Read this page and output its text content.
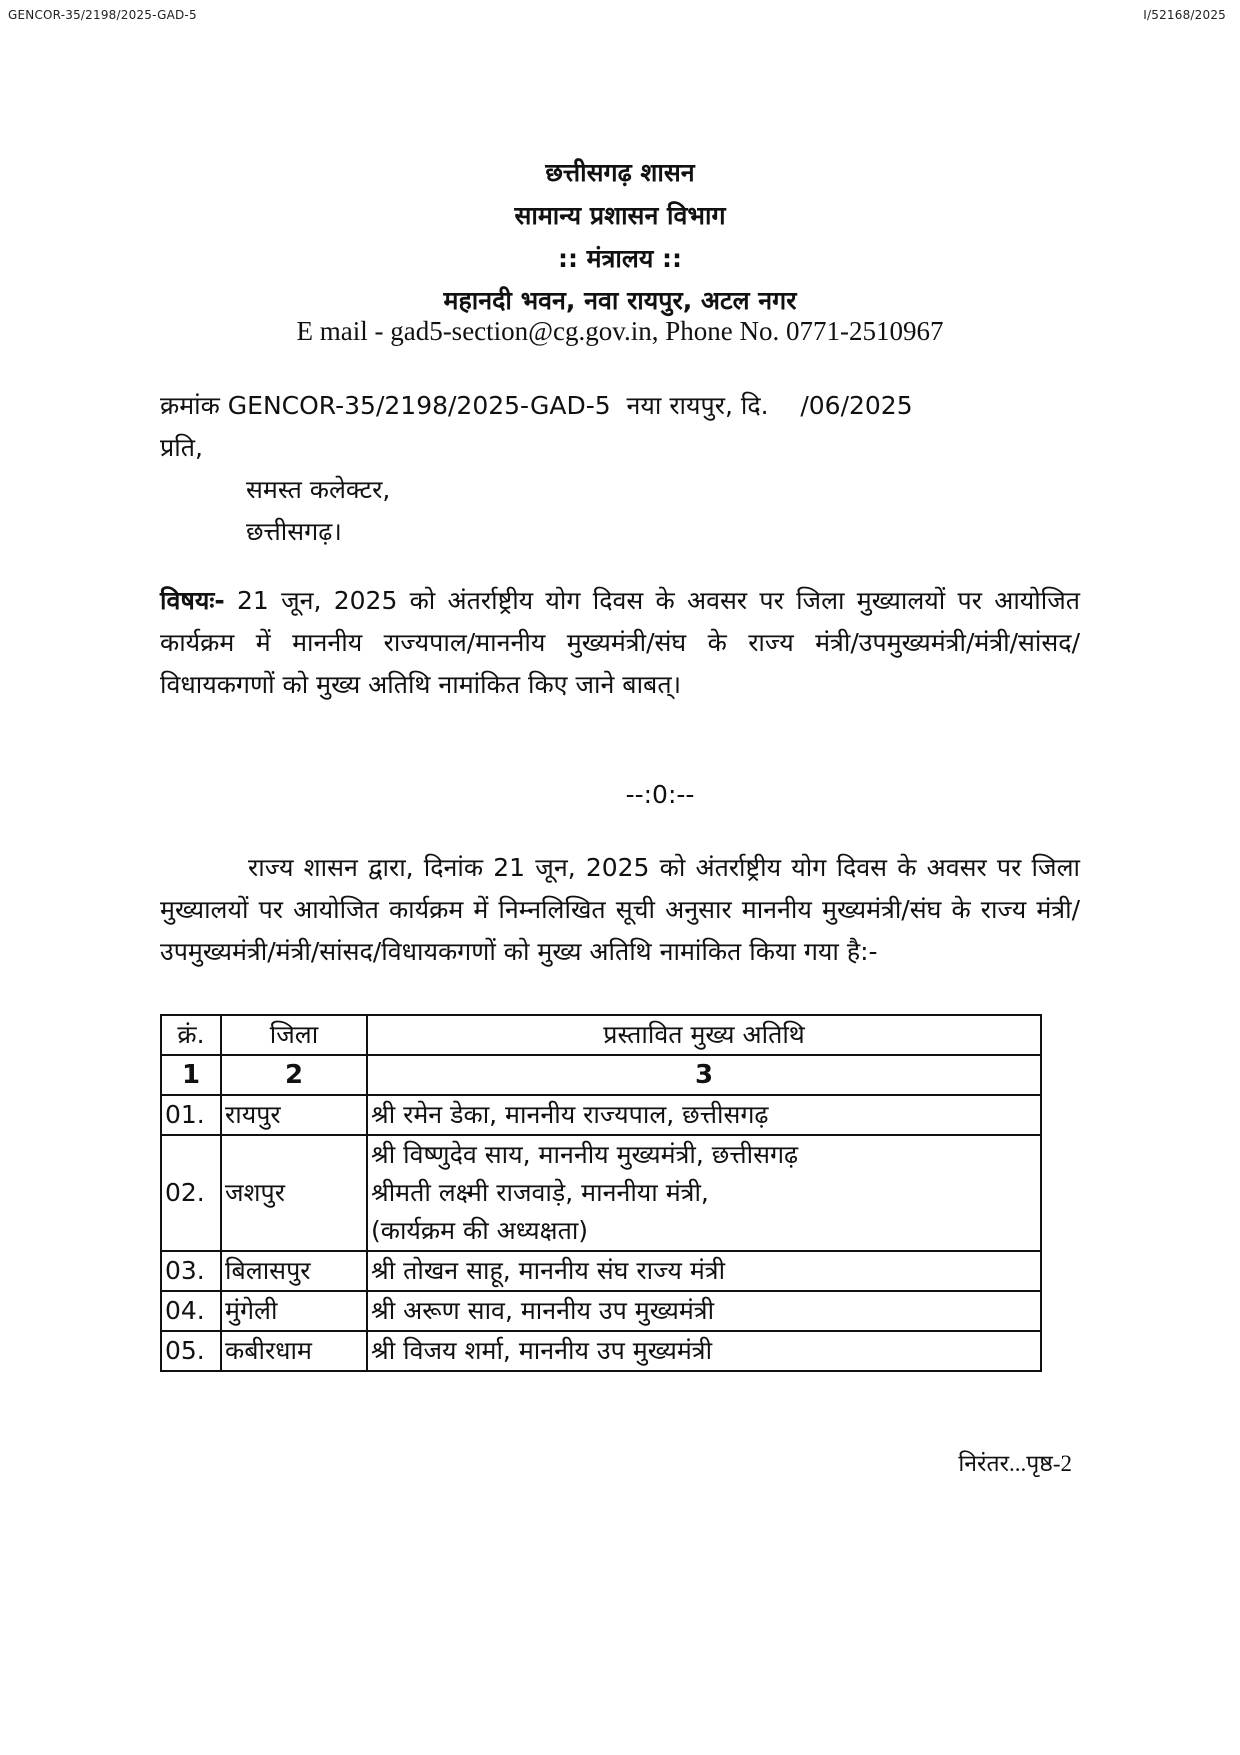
GENCOR-35/2198/2025-GAD-5	I/52168/2025
छत्तीसगढ़ शासन
सामान्य प्रशासन विभाग
:: मंत्रालय ::
महानदी भवन, नवा रायपुर, अटल नगर
E mail - gad5-section@cg.gov.in, Phone No. 0771-2510967
क्रमांक GENCOR-35/2198/2025-GAD-5  नया रायपुर, दि.    /06/2025
प्रति,
समस्त कलेक्टर,
छत्तीसगढ़।
विषयः- 21 जून, 2025 को अंतर्राष्ट्रीय योग दिवस के अवसर पर जिला मुख्यालयों पर आयोजित कार्यक्रम में माननीय राज्यपाल/माननीय मुख्यमंत्री/संघ के राज्य मंत्री/उपमुख्यमंत्री/मंत्री/सांसद/विधायकगणों को मुख्य अतिथि नामांकित किए जाने बाबत्।
--:0:--
राज्य शासन द्वारा, दिनांक 21 जून, 2025 को अंतर्राष्ट्रीय योग दिवस के अवसर पर जिला मुख्यालयों पर आयोजित कार्यक्रम में निम्नलिखित सूची अनुसार माननीय मुख्यमंत्री/संघ के राज्य मंत्री/उपमुख्यमंत्री/मंत्री/सांसद/विधायकगणों को मुख्य अतिथि नामांकित किया गया है:-
क्रं.	जिला	प्रस्तावित मुख्य अतिथि
1	2	3
01.	रायपुर	श्री रमेन डेका, माननीय राज्यपाल, छत्तीसगढ़
02.	जशपुर	श्री विष्णुदेव साय, माननीय मुख्यमंत्री, छत्तीसगढ़
श्रीमती लक्ष्मी राजवाड़े, माननीया मंत्री,
(कार्यक्रम की अध्यक्षता)

03.	बिलासपुर	श्री तोखन साहू, माननीय संघ राज्य मंत्री
04.	मुंगेली	श्री अरूण साव, माननीय उप मुख्यमंत्री
05.	कबीरधाम	श्री विजय शर्मा, माननीय उप मुख्यमंत्री
निरंतर...पृष्ठ-2
